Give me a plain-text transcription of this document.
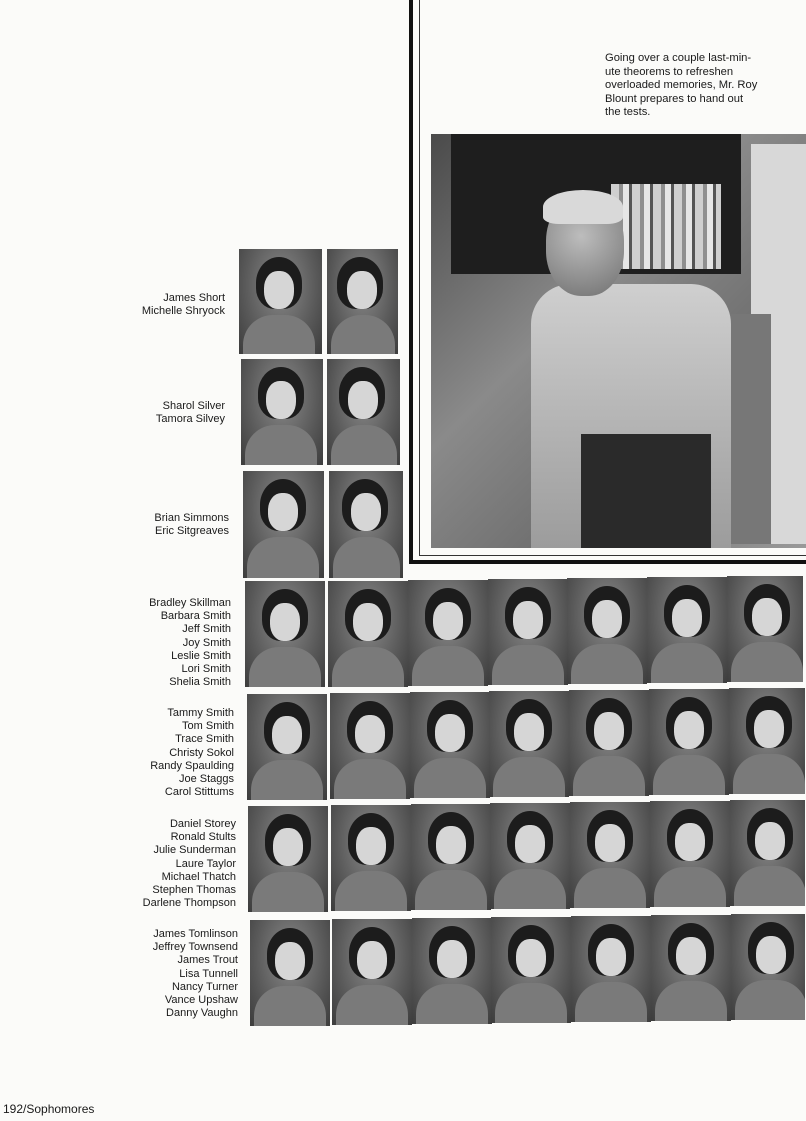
Going over a couple last-min-
ute theorems to refreshen
overloaded memories, Mr. Roy
Blount prepares to hand out
the tests.
James Short
Michelle Shryock
Sharol Silver
Tamora Silvey
Brian Simmons
Eric Sitgreaves
Bradley Skillman
Barbara Smith
Jeff Smith
Joy Smith
Leslie Smith
Lori Smith
Shelia Smith
Tammy Smith
Tom Smith
Trace Smith
Christy Sokol
Randy Spaulding
Joe Staggs
Carol Stittums
Daniel Storey
Ronald Stults
Julie Sunderman
Laure Taylor
Michael Thatch
Stephen Thomas
Darlene Thompson
James Tomlinson
Jeffrey Townsend
James Trout
Lisa Tunnell
Nancy Turner
Vance Upshaw
Danny Vaughn
192/Sophomores
